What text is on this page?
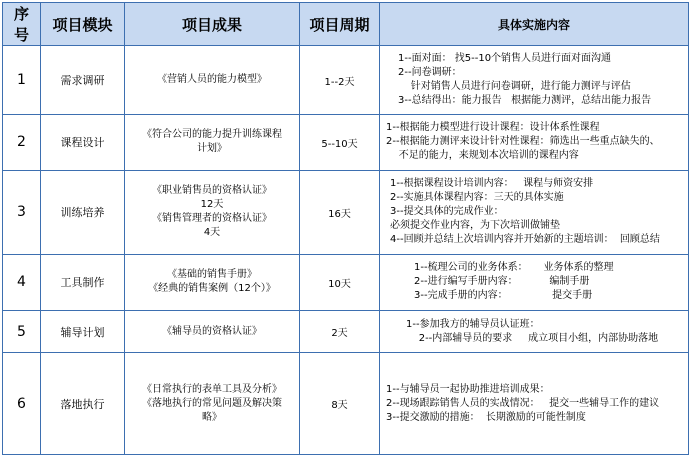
序号	项目模块	项目成果	项目周期	具体实施内容
1	需求调研	《营销人员的能力模型》	1--2天	1--面对面： 找5--10个销售人员进行面对面沟通
2--问卷调研：
针对销售人员进行问卷调研，进行能力测评与评估
3--总结得出：能力报告   根据能力测评，总结出能力报告

2	课程设计	《符合公司的能力提升训练课程
计划》	5--10天	1--根据能力模型进行设计课程：设计体系性课程
2--根据能力测评来设计针对性课程：筛选出一些重点缺失的、
不足的能力，来规划本次培训的课程内容

3	训练培养	《职业销售员的资格认证》
12天
《销售管理者的资格认证》
4天	16天	1--根据课程设计培训内容：   课程与师资安排
2--实施具体课程内容：三天的具体实施
3--提交具体的完成作业：
必须提交作业内容，为下次培训做铺垫
4--回顾并总结上次培训内容并开始新的主题培训：  回顾总结

4	工具制作	《基础的销售手册》
《经典的销售案例（12个）》	10天	1--梳理公司的业务体系：     业务体系的整理
2--进行编写手册内容：          编制手册
3--完成手册的内容：              提交手册

5	辅导计划	《辅导员的资格认证》	2天	1--参加我方的辅导员认证班：
2--内部辅导员的要求     成立项目小组，内部协助落地

6	落地执行	《日常执行的表单工具及分析》
《落地执行的常见问题及解决策
略》	8天	1--与辅导员一起协助推进培训成果：
2--现场跟踪销售人员的实战情况：   提交一些辅导工作的建议
3--提交激励的措施：  长期激励的可能性制度
